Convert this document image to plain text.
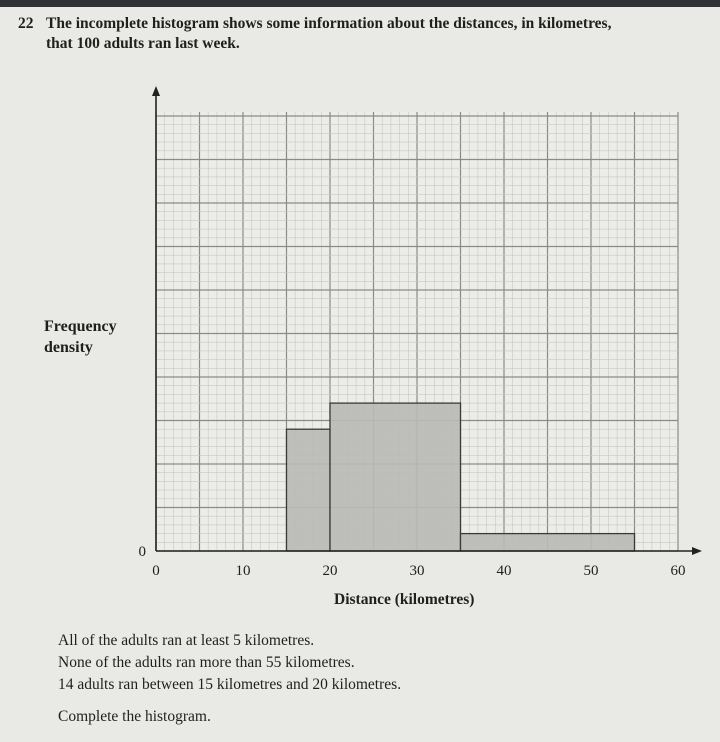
22 The incomplete histogram shows some information about the distances, in kilometres,
that 100 adults ran last week.
Frequency
density
0	10	20	30	40	50	60
0
Distance (kilometres)
All of the adults ran at least 5 kilometres.
None of the adults ran more than 55 kilometres.
14 adults ran between 15 kilometres and 20 kilometres.
Complete the histogram.
